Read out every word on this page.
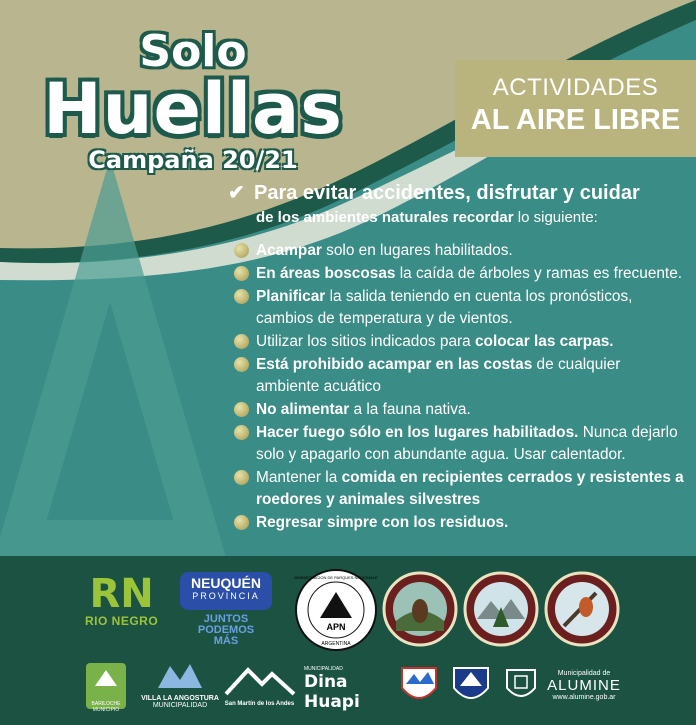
Solo
Huellas
Campaña 20/21
ACTIVIDADES
AL AIRE LIBRE
✔ Para evitar accidentes, disfrutar y cuidar
de los ambientes naturales recordar lo siguiente:
Acampar solo en lugares habilitados.
En áreas boscosas la caída de árboles y ramas es frecuente.
Planificar la salida teniendo en cuenta los pronósticos, cambios de temperatura y de vientos.
Utilizar los sitios indicados para colocar las carpas.
Está prohibido acampar en las costas de cualquier ambiente acuático
No alimentar a la fauna nativa.
Hacer fuego sólo en los lugares habilitados. Nunca dejarlo solo y apagarlo con abundante agua. Usar calentador.
Mantener la comida en recipientes cerrados y resistentes a roedores y animales silvestres
Regresar simpre con los residuos.
RN
RIO NEGRO
NEUQUÉN
PROVINCIA
JUNTOS
PODEMOS
MÁS
APN
ARGENTINA
ADMINISTRACION DE PARQUES NACIONALES
BARILOCHE MUNICIPIO
VILLA LA ANGOSTURA
MUNICIPALIDAD	San Martín de los Andes
MUNICIPALIDAD
Dina Huapi
Municipalidad de
ALUMINE
www.alumine.gob.ar
